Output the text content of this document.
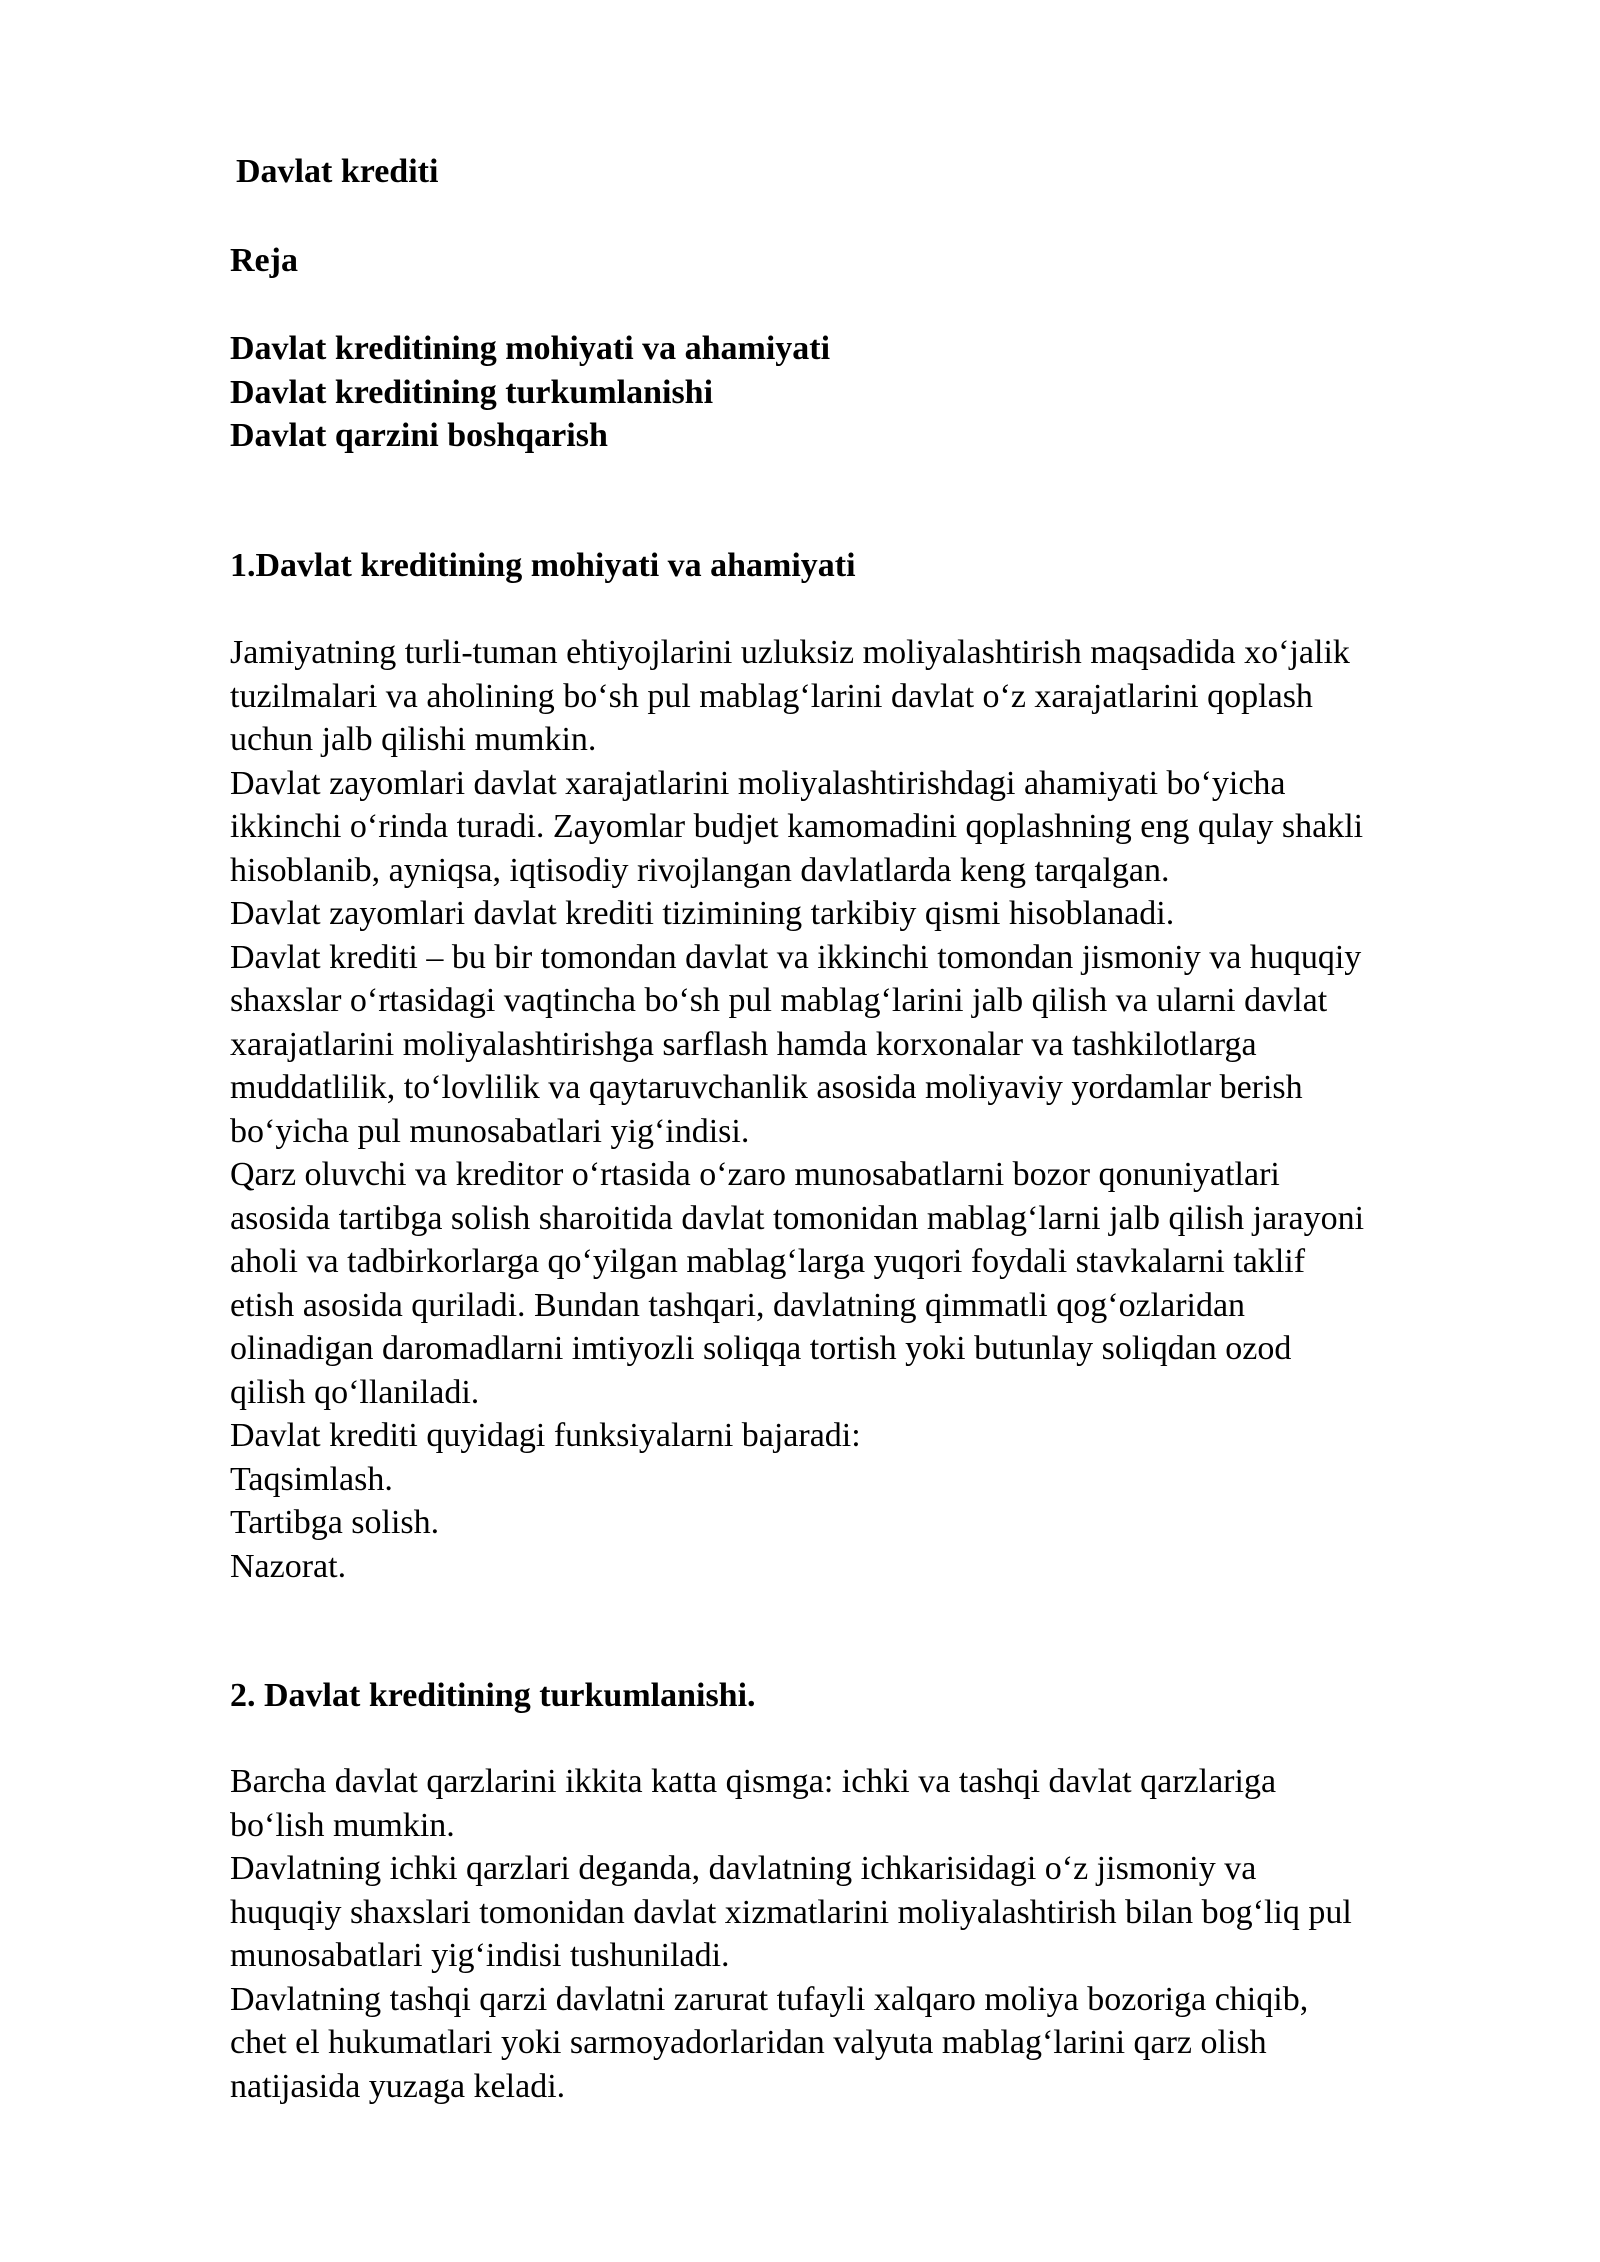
Davlat krediti
Reja

Davlat kreditining mohiyati va ahamiyati

Davlat kreditining turkumlanishi

Davlat qarzini boshqarish

1.Davlat kreditining mohiyati va ahamiyati

Jamiyatning turli-tuman ehtiyojlarini uzluksiz moliyalashtirish maqsadida xo‘jalik

tuzilmalari va aholining bo‘sh pul mablag‘larini davlat o‘z xarajatlarini qoplash

uchun jalb qilishi mumkin.

Davlat zayomlari davlat xarajatlarini moliyalashtirishdagi ahamiyati bo‘yicha

ikkinchi o‘rinda turadi. Zayomlar budjet kamomadini qoplashning eng qulay shakli

hisoblanib, ayniqsa, iqtisodiy rivojlangan davlatlarda keng tarqalgan.

Davlat zayomlari davlat krediti tizimining tarkibiy qismi hisoblanadi.

Davlat krediti – bu bir tomondan davlat va ikkinchi tomondan jismoniy va huquqiy

shaxslar o‘rtasidagi vaqtincha bo‘sh pul mablag‘larini jalb qilish va ularni davlat

xarajatlarini moliyalashtirishga sarflash hamda korxonalar va tashkilotlarga

muddatlilik, to‘lovlilik va qaytaruvchanlik asosida moliyaviy yordamlar berish

bo‘yicha pul munosabatlari yig‘indisi.

Qarz oluvchi va kreditor o‘rtasida o‘zaro munosabatlarni bozor qonuniyatlari

asosida tartibga solish sharoitida davlat tomonidan mablag‘larni jalb qilish jarayoni

aholi va tadbirkorlarga qo‘yilgan mablag‘larga yuqori foydali stavkalarni taklif

etish asosida quriladi. Bundan tashqari, davlatning qimmatli qog‘ozlaridan

olinadigan daromadlarni imtiyozli soliqqa tortish yoki butunlay soliqdan ozod

qilish qo‘llaniladi.

Davlat krediti quyidagi funksiyalarni bajaradi:

Taqsimlash.

Tartibga solish.

Nazorat.

2. Davlat kreditining turkumlanishi.

Barcha davlat qarzlarini ikkita katta qismga: ichki va tashqi davlat qarzlariga

bo‘lish mumkin.

Davlatning ichki qarzlari deganda, davlatning ichkarisidagi o‘z jismoniy va

huquqiy shaxslari tomonidan davlat xizmatlarini moliyalashtirish bilan bog‘liq pul

munosabatlari yig‘indisi tushuniladi.

Davlatning tashqi qarzi davlatni zarurat tufayli xalqaro moliya bozoriga chiqib,

chet el hukumatlari yoki sarmoyadorlaridan valyuta mablag‘larini qarz olish

natijasida yuzaga keladi.
